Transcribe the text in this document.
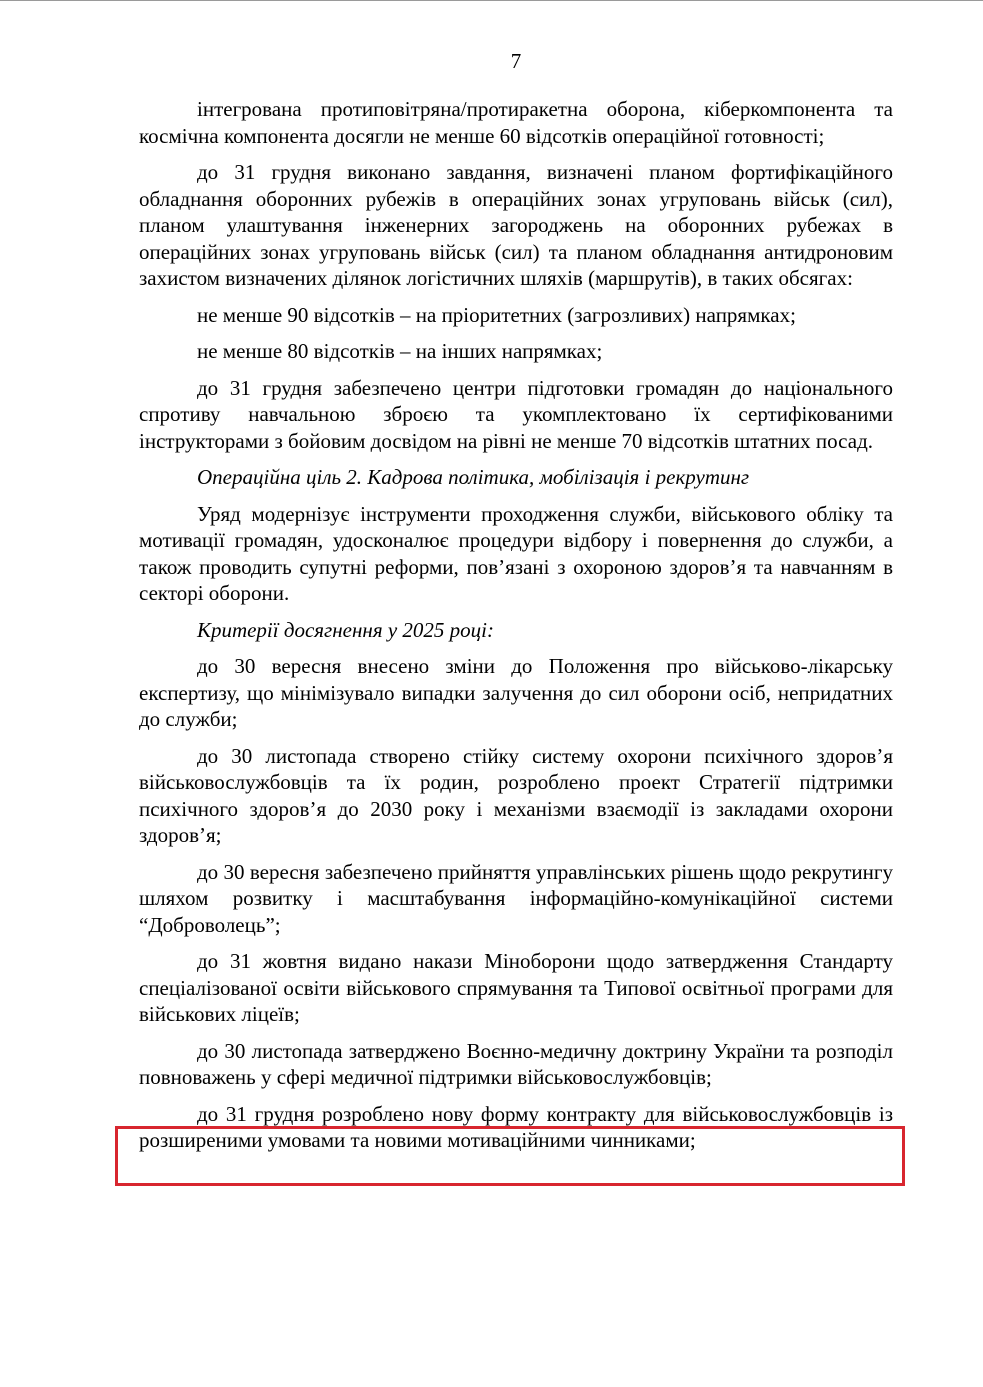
7

інтегрована протиповітряна/протиракетна оборона, кіберкомпонента та космічна компонента досягли не менше 60 відсотків операційної готовності;

до 31 грудня виконано завдання, визначені планом фортифікаційного обладнання оборонних рубежів в операційних зонах угруповань військ (сил), планом улаштування інженерних загороджень на оборонних рубежах в операційних зонах угруповань військ (сил) та планом обладнання антидроновим захистом визначених ділянок логістичних шляхів (маршрутів), в таких обсягах:

не менше 90 відсотків – на пріоритетних (загрозливих) напрямках;

не менше 80 відсотків – на інших напрямках;

до 31 грудня забезпечено центри підготовки громадян до національного спротиву навчальною зброєю та укомплектовано їх сертифікованими інструкторами з бойовим досвідом на рівні не менше 70 відсотків штатних посад.

Операційна ціль 2. Кадрова політика, мобілізація і рекрутинг

Уряд модернізує інструменти проходження служби, військового обліку та мотивації громадян, удосконалює процедури відбору і повернення до служби, а також проводить супутні реформи, пов’язані з охороною здоров’я та навчанням в секторі оборони.

Критерії досягнення у 2025 році:

до 30 вересня внесено зміни до Положення про військово-лікарську експертизу, що мінімізувало випадки залучення до сил оборони осіб, непридатних до служби;

до 30 листопада створено стійку систему охорони психічного здоров’я військовослужбовців та їх родин, розроблено проект Стратегії підтримки психічного здоров’я до 2030 року і механізми взаємодії із закладами охорони здоров’я;

до 30 вересня забезпечено прийняття управлінських рішень щодо рекрутингу шляхом розвитку і масштабування інформаційно-комунікаційної системи “Доброволець”;

до 31 жовтня видано накази Міноборони щодо затвердження Стандарту спеціалізованої освіти військового спрямування та Типової освітньої програми для військових ліцеїв;

до 30 листопада затверджено Воєнно-медичну доктрину України та розподіл повноважень у сфері медичної підтримки військовослужбовців;

до 31 грудня розроблено нову форму контракту для військовослужбовців із розширеними умовами та новими мотиваційними чинниками;
